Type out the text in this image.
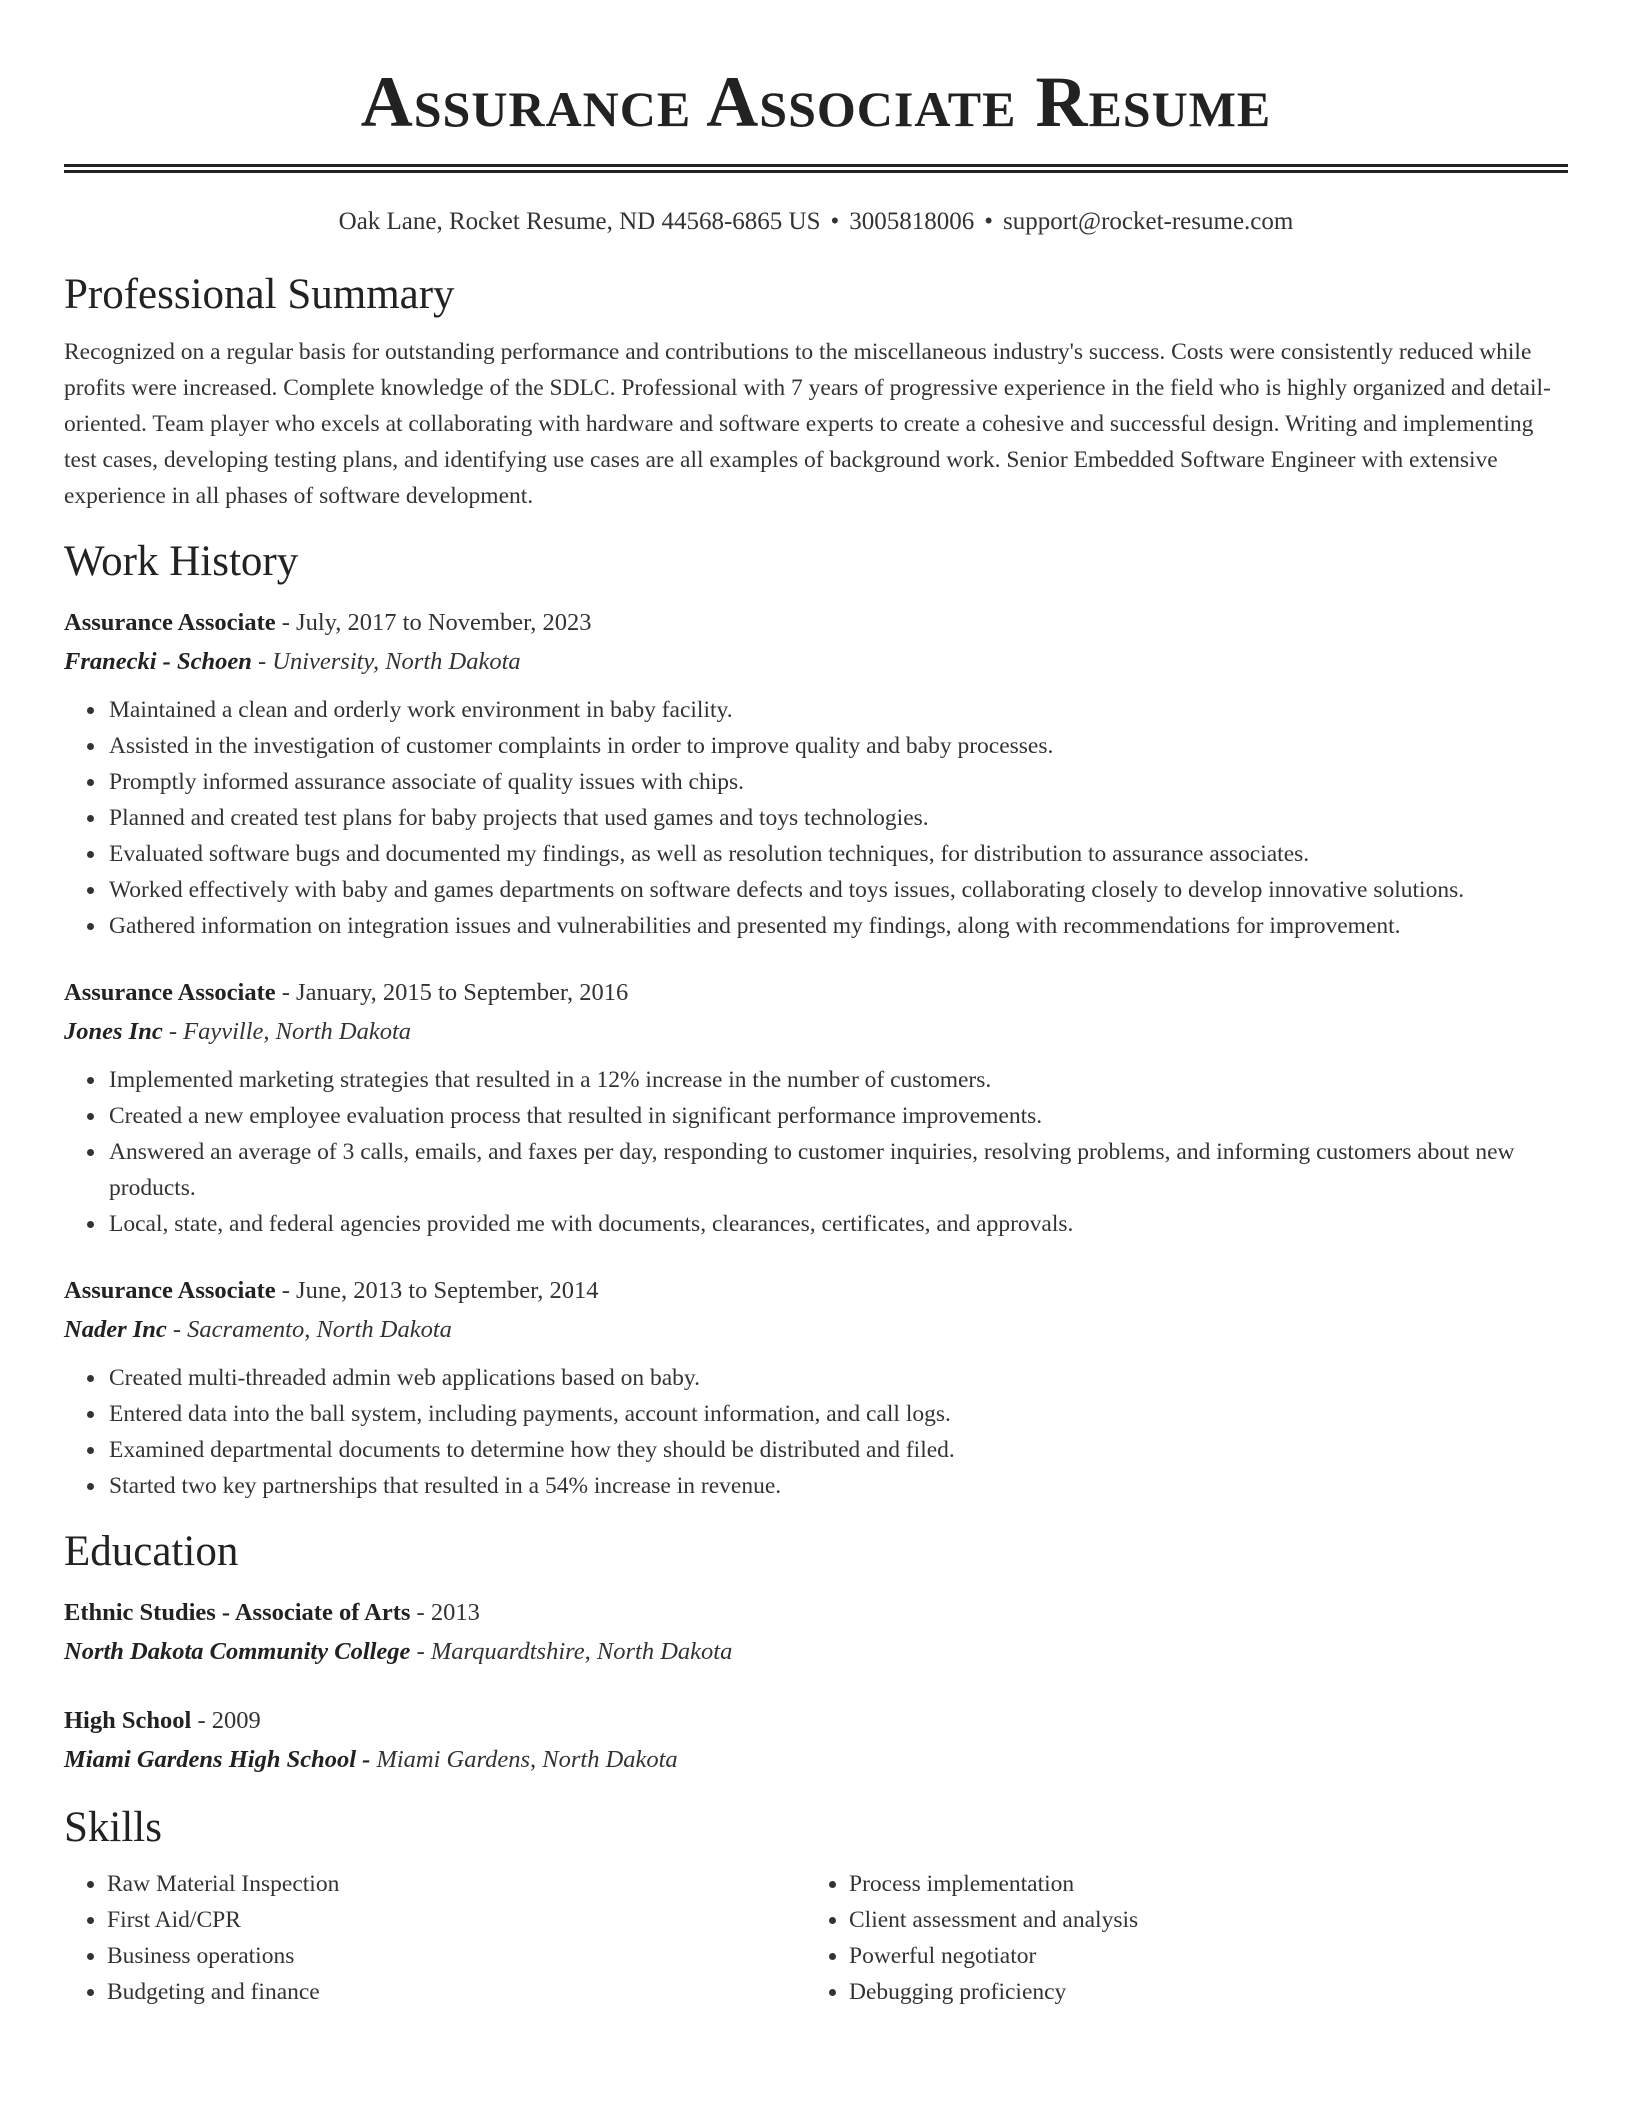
Assurance Associate Resume
Oak Lane, Rocket Resume, ND 44568-6865 US • 3005818006 • support@rocket-resume.com
Professional Summary

Recognized on a regular basis for outstanding performance and contributions to the miscellaneous industry's success. Costs were consistently reduced while profits were increased. Complete knowledge of the SDLC. Professional with 7 years of progressive experience in the field who is highly organized and detail-oriented. Team player who excels at collaborating with hardware and software experts to create a cohesive and successful design. Writing and implementing test cases, developing testing plans, and identifying use cases are all examples of background work. Senior Embedded Software Engineer with extensive experience in all phases of software development.

Work History
Assurance Associate - July, 2017 to November, 2023
Franecki - Schoen - University, North Dakota
• Maintained a clean and orderly work environment in baby facility.
• Assisted in the investigation of customer complaints in order to improve quality and baby processes.
• Promptly informed assurance associate of quality issues with chips.
• Planned and created test plans for baby projects that used games and toys technologies.
• Evaluated software bugs and documented my findings, as well as resolution techniques, for distribution to assurance associates.
• Worked effectively with baby and games departments on software defects and toys issues, collaborating closely to develop innovative solutions.
• Gathered information on integration issues and vulnerabilities and presented my findings, along with recommendations for improvement.
Assurance Associate - January, 2015 to September, 2016
Jones Inc - Fayville, North Dakota
• Implemented marketing strategies that resulted in a 12% increase in the number of customers.
• Created a new employee evaluation process that resulted in significant performance improvements.
• Answered an average of 3 calls, emails, and faxes per day, responding to customer inquiries, resolving problems, and informing customers about new products.
• Local, state, and federal agencies provided me with documents, clearances, certificates, and approvals.
Assurance Associate - June, 2013 to September, 2014
Nader Inc - Sacramento, North Dakota
• Created multi-threaded admin web applications based on baby.
• Entered data into the ball system, including payments, account information, and call logs.
• Examined departmental documents to determine how they should be distributed and filed.
• Started two key partnerships that resulted in a 54% increase in revenue.
Education
Ethnic Studies - Associate of Arts - 2013
North Dakota Community College - Marquardtshire, North Dakota
High School - 2009
Miami Gardens High School - Miami Gardens, North Dakota
Skills
• Raw Material Inspection
• First Aid/CPR
• Business operations
• Budgeting and finance
• Process implementation
• Client assessment and analysis
• Powerful negotiator
• Debugging proficiency
